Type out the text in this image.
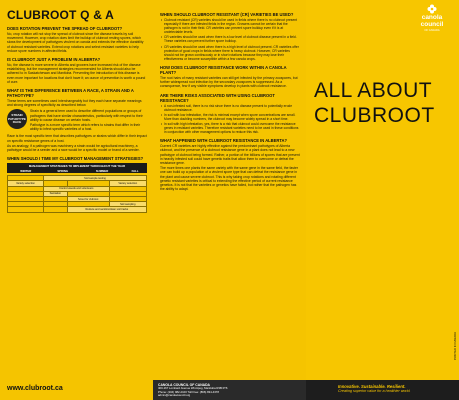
CLUBROOT Q & A
DOES ROTATION PREVENT THE SPREAD OF CLUBROOT?
No, crop rotation will not stop the spread of clubroot since the disease travels by soil movement. However, crop rotation does limit the buildup of clubroot resting spores, which slows the development of pathotypes virulent on canola and extends the effective durability of clubroot resistant varieties. Extend crop rotations and select resistant varieties to help reduce spore numbers in affected fields.
IS CLUBROOT JUST A PROBLEM IN ALBERTA?
No, the disease is more severe in Alberta and growers have increased risk of the disease establishing, but the management strategies recommended for Alberta should also be adhered to in Saskatchewan and Manitoba. Preventing the introduction of this disease is even more important for locations that don't have it; an ounce of prevention is worth a pound of cure.
WHAT IS THE DIFFERENCE BETWEEN A RACE, A STRAIN AND A PATHOTYPE?
These terms are sometimes used interchangeably but they each have separate meanings and strong degrees of specificity as described below.
STRAIN
PATHOTYPE
RACE
Strain is a general term used to describe different populations or groups of pathogens that have similar characteristics, particularly with respect to their ability to cause disease on certain hosts.
Pathotype is a more specific term which refers to strains that differ in their ability to infect specific varieties of a host.
Race is the most specific term that describes pathotypes or strains which differ in their impact on specific resistance genes of a host.
As an analogy, if a pathogen was machinery a strain would be agricultural machinery, a pathotype would be a seeder and a race would be a specific model or brand of a seeder.
WHEN SHOULD I TIME MY CLUBROOT MANAGEMENT STRATEGIES?
MANAGEMENT STRATEGIES TO IMPLEMENT THROUGHOUT THE YEAR
WINTER	SPRING	SUMMER	FALL
	Soil sample testing		
Variety selection			Variety selection
	Control weeds and volunteers		
	Sanitation		
		Scout for clubroot	
			Soil sampling
		Reduce and sanitize/clean soil tracks	
www.clubroot.ca
WHEN SHOULD CLUBROOT RESISTANT (CR) VARIETIES BE USED?
• Clubroot resistant (CR) varieties should be used in fields where there is no clubroot present especially if there are infested fields in the region. Growers cannot be certain that the pathogen is not in their field. CR varieties can prevent spore buildup even if it is at undetectable levels.
• CR varieties should be used when there is a low level of clubroot disease present in a field. These varieties can prevent further spore buildup.
• CR varieties should be used when there is a high level of clubroot present. CR varieties offer protection of good crops in fields where there is heavy clubroot. However, CR varieties should not be grown continuously or in short rotations because they may lose their effectiveness or become susceptible within a few canola crops.
HOW DOES CLUBROOT RESISTANCE WORK WITHIN A CANOLA PLANT?
The root hairs of many resistant varieties can still get infected by the primary zoospores, but further widespread root infection by the secondary zoospores is suppressed. As a consequence, few if any visible symptoms develop in plants with clubroot resistance.
ARE THERE RISKS ASSOCIATED WITH USING CLUBROOT RESISTANCE?
• A non-infested soil, there is no risk since there is no disease present to potentially erode clubroot resistance.
• In soil with low infestation, the risk is minimal except when spore concentrations are small. More than doubling numbers, the clubroot may become widely spread in a short time.
• In soil with high infestation, yes, there is a risk that clubroot could overcome the resistance genes in resistant varieties. Therefore resistant varieties need to be used in these conditions in conjunction with other management options to reduce this risk.
WHAT HAPPENED WITH CLUBROOT RESISTANCE IN ALBERTA?
Current CR varieties are highly effective against the predominant pathotypes of Alberta clubroot, and the presence of a clubroot resistance gene in a plant does not lead to a new pathotype of clubroot being formed. Rather, a portion of the billions of spores that are present in heavily infested soil could have genetic traits that allow them to overcome or defeat the resistance gene.
The more times one plants the same variety with the same gene in the same field, the faster one can build up a population of a virulent spore type that can defeat the resistance gene in the plant and cause severe clubroot. This is why taking crop rotations and rotating different genetic resistant varieties is critical to extending the effective period of current resistance genetics. It is not that the varieties or genetics have failed, but rather that the pathogen has the ability to adapt.
CANOLA COUNCIL OF CANADA
400-167 Lombard Avenue Winnipeg, Manitoba R3B 0T6
Phone: (204) 982-2100 Toll Free: (866) 834-4378
admin@canolacouncil.org
canola
council
OF CANADA
ALL ABOUT
CLUBROOT
PRINTED IN CANADA
Innovative. Sustainable. Resilient.
Creating superior value for a healthier world.
